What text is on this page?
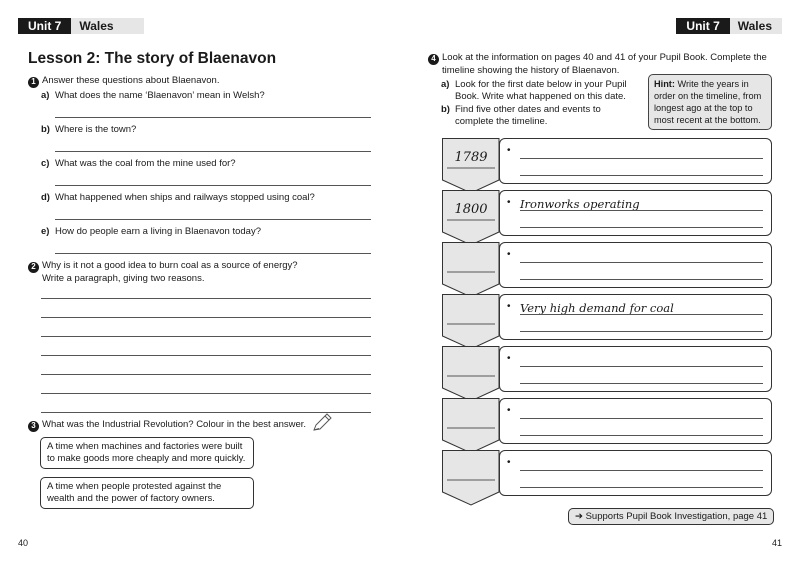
Unit 7	Wales
Lesson 2: The story of Blaenavon
1 Answer these questions about Blaenavon.
a) What does the name ‘Blaenavon’ mean in Welsh?
b) Where is the town?
c) What was the coal from the mine used for?
d) What happened when ships and railways stopped using coal?
e) How do people earn a living in Blaenavon today?
2 Why is it not a good idea to burn coal as a source of energy?
Write a paragraph, giving two reasons.
3 What was the Industrial Revolution? Colour in the best answer.
A time when machines and factories were built
to make goods more cheaply and more quickly.
A time when people protested against the
wealth and the power of factory owners.
40
Unit 7	Wales
4 Look at the information on pages 40 and 41 of your Pupil Book. Complete the
timeline showing the history of Blaenavon.
a) Look for the first date below in your Pupil
Book. Write what happened on this date.
b) Find five other dates and events to
complete the timeline.
Hint: Write the years in order on the timeline, from longest ago at the top to most recent at the bottom.
1789	•
1800	• Ironworks operating
•
• Very high demand for coal
•
•
•
➔ Supports Pupil Book Investigation, page 41
41
